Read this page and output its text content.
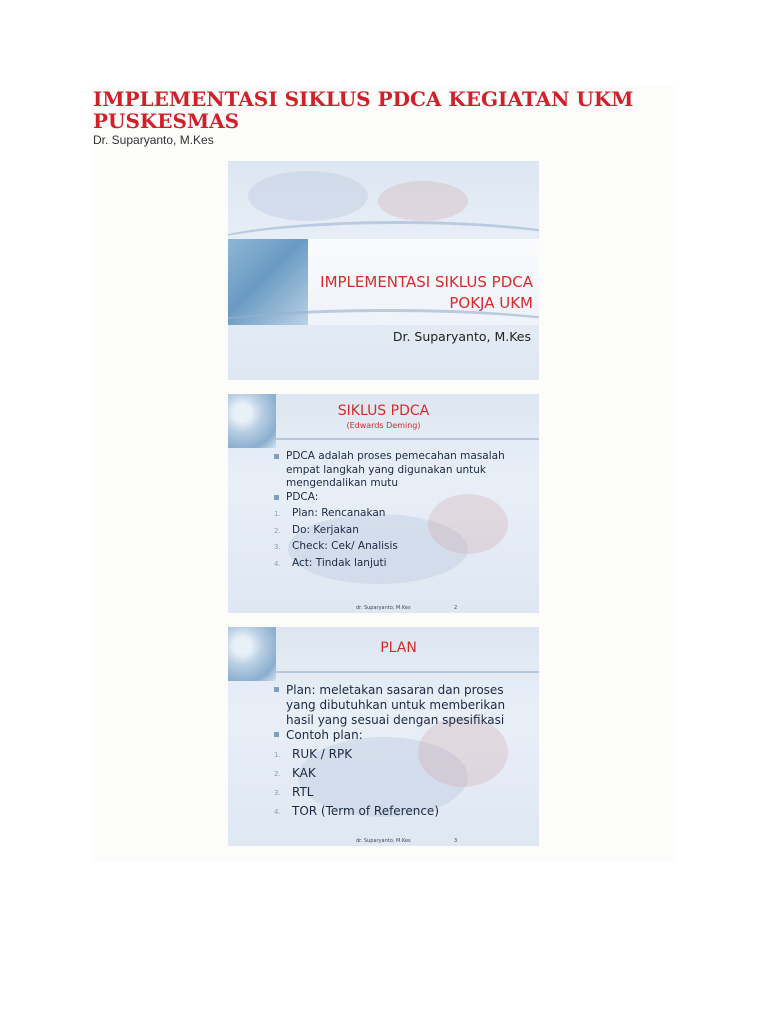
IMPLEMENTASI SIKLUS PDCA KEGIATAN UKM PUSKESMAS

Dr. Suparyanto, M.Kes

IMPLEMENTASI SIKLUS PDCA
POKJA UKM
Dr. Suparyanto, M.Kes
SIKLUS PDCA
(Edwards Deming)
PDCA adalah proses pemecahan masalah empat langkah yang digunakan untuk mengendalikan mutu
PDCA:
1. Plan: Rencanakan
2. Do: Kerjakan
3. Check: Cek/ Analisis
4. Act: Tindak lanjuti
dr. Suparyanto, M.Kes	2
PLAN
Plan: meletakan sasaran dan proses yang dibutuhkan untuk memberikan hasil yang sesuai dengan spesifikasi
Contoh plan:
1. RUK / RPK
2. KAK
3. RTL
4. TOR (Term of Reference)
dr. Suparyanto, M.Kes	3
